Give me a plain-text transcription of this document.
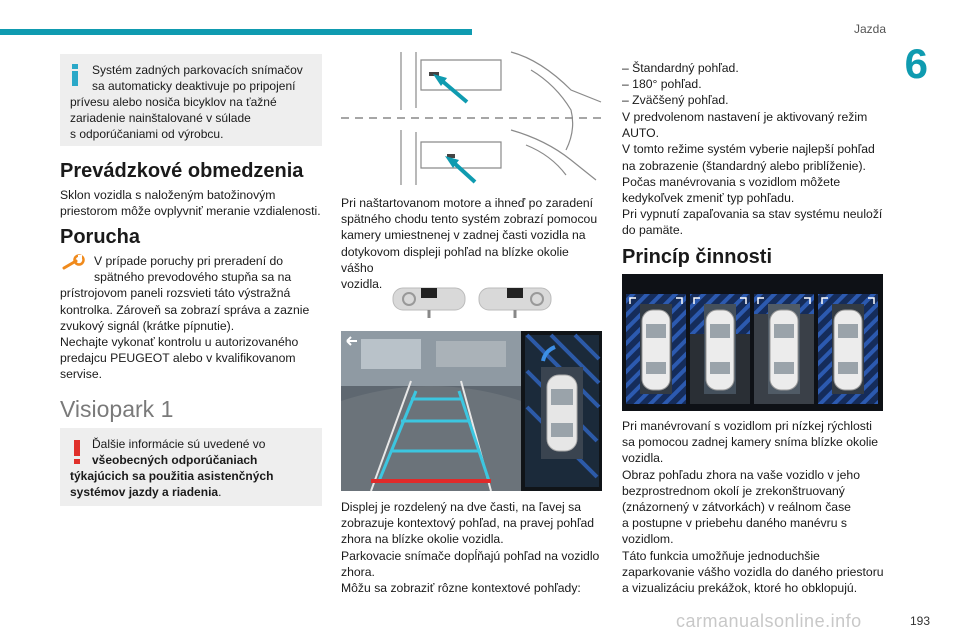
Jazda
6
Systém zadných parkovacích snímačov
sa automaticky deaktivuje po pripojení
prívesu alebo nosiča bicyklov na ťažné
zariadenie nainštalované v súlade
s odporúčaniami od výrobcu.
Prevádzkové obmedzenia
Sklon vozidla s naloženým batožinovým
priestorom môže ovplyvniť meranie vzdialenosti.
Porucha
V prípade poruchy pri preradení do
spätného prevodového stupňa sa na
prístrojovom paneli rozsvieti táto výstražná
kontrolka. Zároveň sa zobrazí správa a zaznie
zvukový signál (krátke pípnutie).
Nechajte vykonať kontrolu u autorizovaného
predajcu PEUGEOT alebo v kvalifikovanom
servise.
Visiopark 1
Ďalšie informácie sú uvedené vo
všeobecných odporúčaniach
týkajúcich sa použitia asistenčných
systémov jazdy a riadenia.
Pri naštartovanom motore a ihneď po zaradení
spätného chodu tento systém zobrazí pomocou
kamery umiestnenej v zadnej časti vozidla na
dotykovom displeji pohľad na blízke okolie vášho
vozidla.
Displej je rozdelený na dve časti, na ľavej sa
zobrazuje kontextový pohľad, na pravej pohľad
zhora na blízke okolie vozidla.
Parkovacie snímače dopĺňajú pohľad na vozidlo
zhora.
Môžu sa zobraziť rôzne kontextové pohľady:
– Štandardný pohľad.
– 180° pohľad.
– Zväčšený pohľad.
V predvolenom nastavení je aktivovaný režim
AUTO.
V tomto režime systém vyberie najlepší pohľad
na zobrazenie (štandardný alebo priblíženie).
Počas manévrovania s vozidlom môžete
kedykoľvek zmeniť typ pohľadu.
Pri vypnutí zapaľovania sa stav systému neuloží
do pamäte.
Princíp činnosti
Pri manévrovaní s vozidlom pri nízkej rýchlosti
sa pomocou zadnej kamery sníma blízke okolie
vozidla.
Obraz pohľadu zhora na vaše vozidlo v jeho
bezprostrednom okolí je zrekonštruovaný
(znázornený v zátvorkách) v reálnom čase
a postupne v priebehu daného manévru s
vozidlom.
Táto funkcia umožňuje jednoduchšie
zaparkovanie vášho vozidla do daného priestoru
a vizualizáciu prekážok, ktoré ho obklopujú.
carmanualsonline.info	193
